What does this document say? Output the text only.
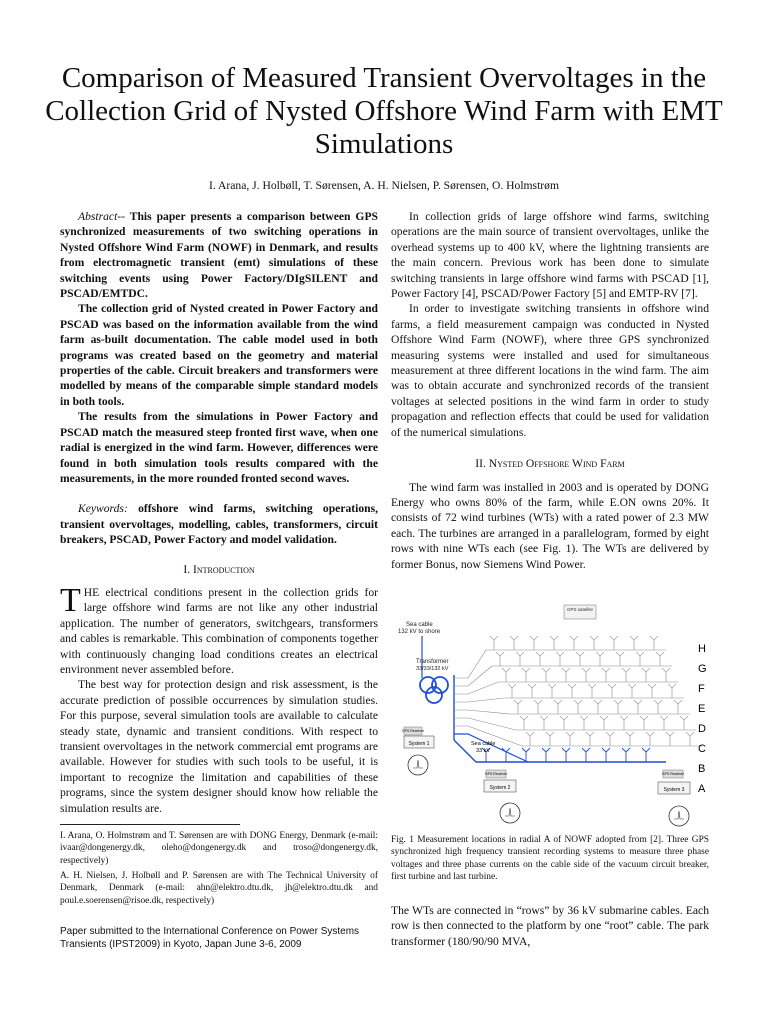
Comparison of Measured Transient Overvoltages in the Collection Grid of Nysted Offshore Wind Farm with EMT Simulations
I. Arana, J. Holbøll, T. Sørensen, A. H. Nielsen, P. Sørensen, O. Holmstrøm

Abstract-- This paper presents a comparison between GPS synchronized measurements of two switching operations in Nysted Offshore Wind Farm (NOWF) in Denmark, and results from electromagnetic transient (emt) simulations of these switching events using Power Factory/DIgSILENT and PSCAD/EMTDC.

The collection grid of Nysted created in Power Factory and PSCAD was based on the information available from the wind farm as-built documentation. The cable model used in both programs was created based on the geometry and material properties of the cable. Circuit breakers and transformers were modelled by means of the comparable simple standard models in both tools.

The results from the simulations in Power Factory and PSCAD match the measured steep fronted first wave, when one radial is energized in the wind farm. However, differences were found in both simulation tools results compared with the measurements, in the more rounded fronted second waves.

Keywords: offshore wind farms, switching operations, transient overvoltages, modelling, cables, transformers, circuit breakers, PSCAD, Power Factory and model validation.

I. Introduction

THE electrical conditions present in the collection grids for large offshore wind farms are not like any other industrial application. The number of generators, switchgears, transformers and cables is remarkable. This combination of components together with continuously changing load conditions creates an electrical environment never assembled before.

The best way for protection design and risk assessment, is the accurate prediction of possible occurrences by simulation studies. For this purpose, several simulation tools are available to calculate steady state, dynamic and transient conditions. With respect to transient overvoltages in the network commercial emt programs are available. However for studies with such tools to be useful, it is important to recognize the limitation and capabilities of these programs, since the system designer should know how reliable the simulation results are.

I. Arana, O. Holmstrøm and T. Sørensen are with DONG Energy, Denmark (e-mail: ivaar@dongenergy.dk, oleho@dongenergy.dk and troso@dongenergy.dk, respectively)
A. H. Nielsen, J. Holbøll and P. Sørensen are with The Technical University of Denmark, Denmark (e-mail: ahn@elektro.dtu.dk, jh@elektro.dtu.dk and poul.e.soerensen@risoe.dk, respectively)
Paper submitted to the International Conference on Power Systems Transients (IPST2009) in Kyoto, Japan June 3-6, 2009

In collection grids of large offshore wind farms, switching operations are the main source of transient overvoltages, unlike the overhead systems up to 400 kV, where the lightning transients are the main concern. Previous work has been done to simulate switching transients in large offshore wind farms with PSCAD [1], Power Factory [4], PSCAD/Power Factory [5] and EMTP-RV [7].

In order to investigate switching transients in offshore wind farms, a field measurement campaign was conducted in Nysted Offshore Wind Farm (NOWF), where three GPS synchronized measuring systems were installed and used for simultaneous measurement at three different locations in the wind farm. The aim was to obtain accurate and synchronized records of the transient voltages at selected positions in the wind farm in order to study propagation and reflection effects that could be used for validation of the numerical simulations.

II. Nysted Offshore Wind Farm

The wind farm was installed in 2003 and is operated by DONG Energy who owns 80% of the farm, while E.ON owns 20%. It consists of 72 wind turbines (WTs) with a rated power of 2.3 MW each. The turbines are arranged in a parallelogram, formed by eight rows with nine WTs each (see Fig. 1). The WTs are delivered by former Bonus, now Siemens Wind Power.

GPS satellite
Sea cable
132 kV to shore
Transformer
33/33/132 kV
GPS Receiver
System 1	Sea cable
33 kV
GPS Receiver
System 2
GPS Receiver
System 3
H
G
F
E
D
C
B
A
Fig. 1 Measurement locations in radial A of NOWF adopted from [2]. Three GPS synchronized high frequency transient recording systems to measure three phase voltages and three phase currents on the cable side of the vacuum circuit breaker, first turbine and last turbine.
The WTs are connected in “rows” by 36 kV submarine cables. Each row is then connected to the platform by one “root” cable. The park transformer (180/90/90 MVA,
